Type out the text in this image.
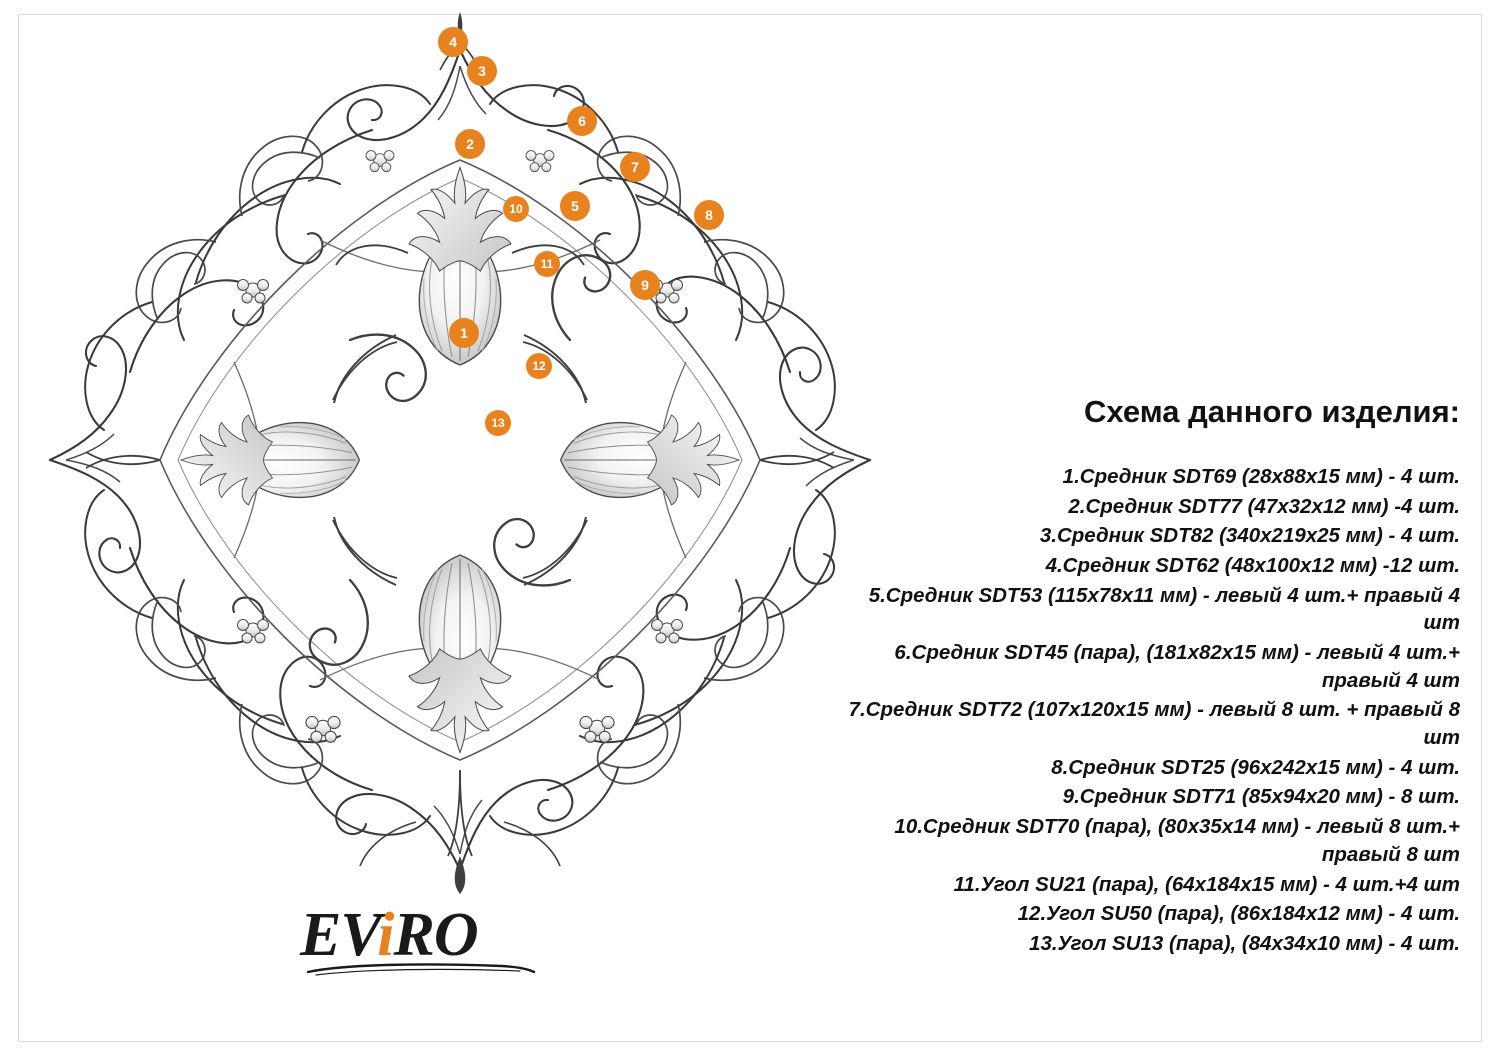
4
3
6
2
7
10	5
8
11
9
1
12
13
EViRO
Схема данного изделия:
1.Средник SDT69 (28х88х15 мм) - 4 шт.
2.Средник SDT77 (47х32х12 мм) -4 шт.
3.Средник SDT82 (340х219х25 мм) - 4 шт.
4.Средник SDT62 (48х100х12 мм) -12 шт.
5.Средник SDT53 (115х78х11 мм) - левый 4 шт.+ правый 4 шт
6.Средник SDT45 (пара), (181х82х15 мм) - левый 4 шт.+ правый 4 шт
7.Средник SDT72 (107х120х15 мм) - левый 8 шт. + правый 8 шт
8.Средник SDT25 (96х242х15 мм) - 4 шт.
9.Средник SDT71 (85х94х20 мм) - 8 шт.
10.Средник SDT70 (пара), (80х35х14 мм) - левый 8 шт.+ правый 8 шт
11.Угол SU21 (пара), (64х184х15 мм) - 4 шт.+4 шт
12.Угол SU50 (пара), (86х184х12 мм) - 4 шт.
13.Угол SU13 (пара), (84х34х10 мм) - 4 шт.
